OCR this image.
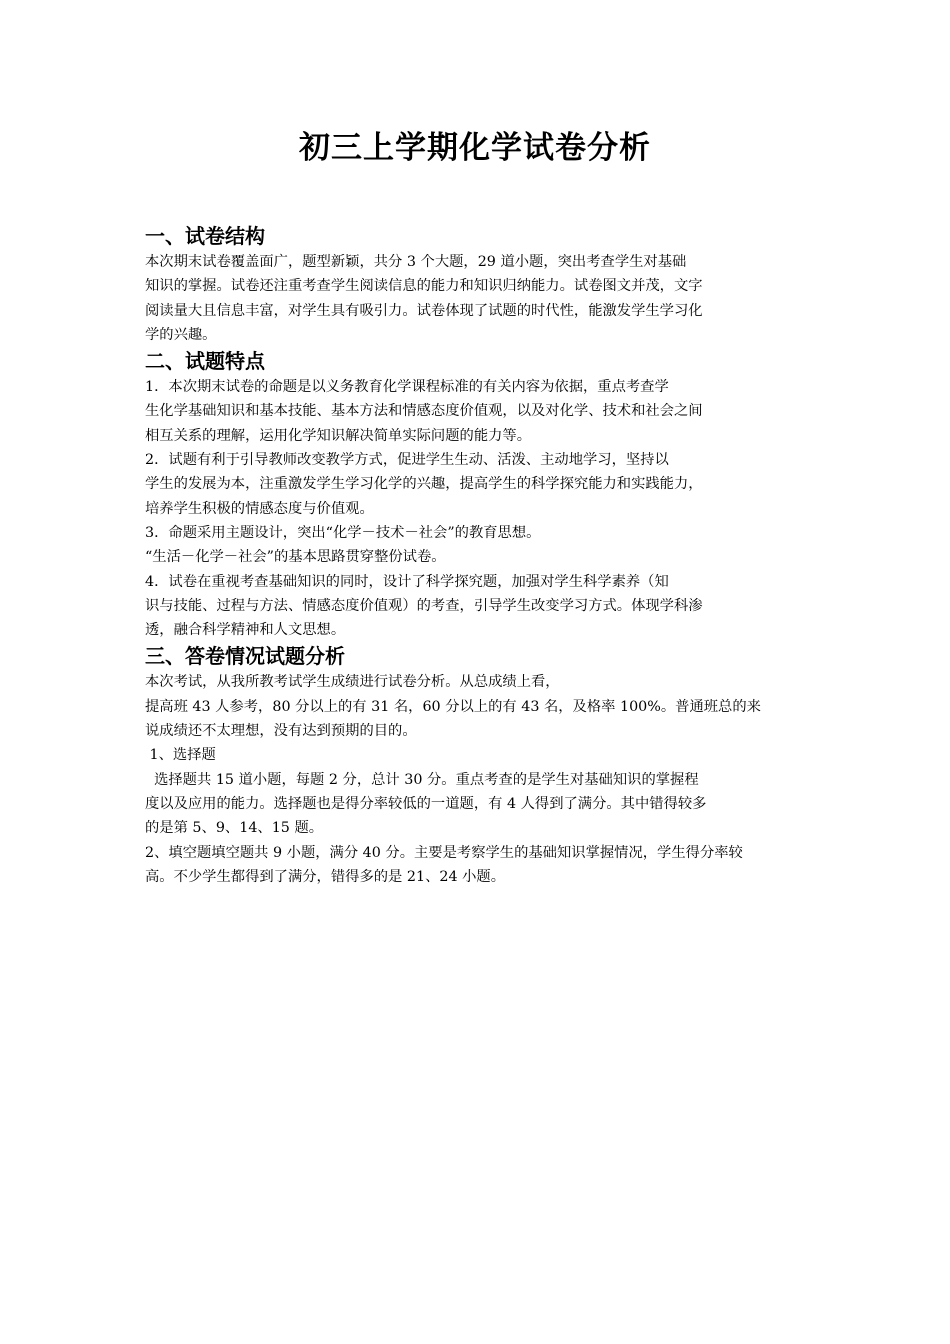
初三上学期化学试卷分析
一、试卷结构

本次期末试卷覆盖面广，题型新颖，共分 3 个大题，29 道小题，突出考查学生对基础

知识的掌握。试卷还注重考查学生阅读信息的能力和知识归纳能力。试卷图文并茂，文字

阅读量大且信息丰富，对学生具有吸引力。试卷体现了试题的时代性，能激发学生学习化

学的兴趣。

二、试题特点

1．本次期末试卷的命题是以义务教育化学课程标准的有关内容为依据，重点考查学

生化学基础知识和基本技能、基本方法和情感态度价值观，以及对化学、技术和社会之间

相互关系的理解，运用化学知识解决简单实际问题的能力等。

2．试题有利于引导教师改变教学方式，促进学生生动、活泼、主动地学习，坚持以

学生的发展为本，注重激发学生学习化学的兴趣，提高学生的科学探究能力和实践能力，

培养学生积极的情感态度与价值观。

3．命题采用主题设计，突出“化学－技术－社会”的教育思想。

“生活－化学－社会”的基本思路贯穿整份试卷。

4．试卷在重视考查基础知识的同时，设计了科学探究题，加强对学生科学素养（知

识与技能、过程与方法、情感态度价值观）的考查，引导学生改变学习方式。体现学科渗

透，融合科学精神和人文思想。

三、答卷情况试题分析

本次考试，从我所教考试学生成绩进行试卷分析。从总成绩上看，

提高班 43 人参考，80 分以上的有 31 名，60 分以上的有 43 名，及格率 100%。普通班总的来

说成绩还不太理想，没有达到预期的目的。

1、选择题

选择题共 15 道小题，每题 2 分，总计 30 分。重点考查的是学生对基础知识的掌握程

度以及应用的能力。选择题也是得分率较低的一道题，有 4 人得到了满分。其中错得较多

的是第 5、9、14、15 题。

2、填空题填空题共 9 小题，满分 40 分。主要是考察学生的基础知识掌握情况，学生得分率较

高。不少学生都得到了满分，错得多的是 21、24 小题。
